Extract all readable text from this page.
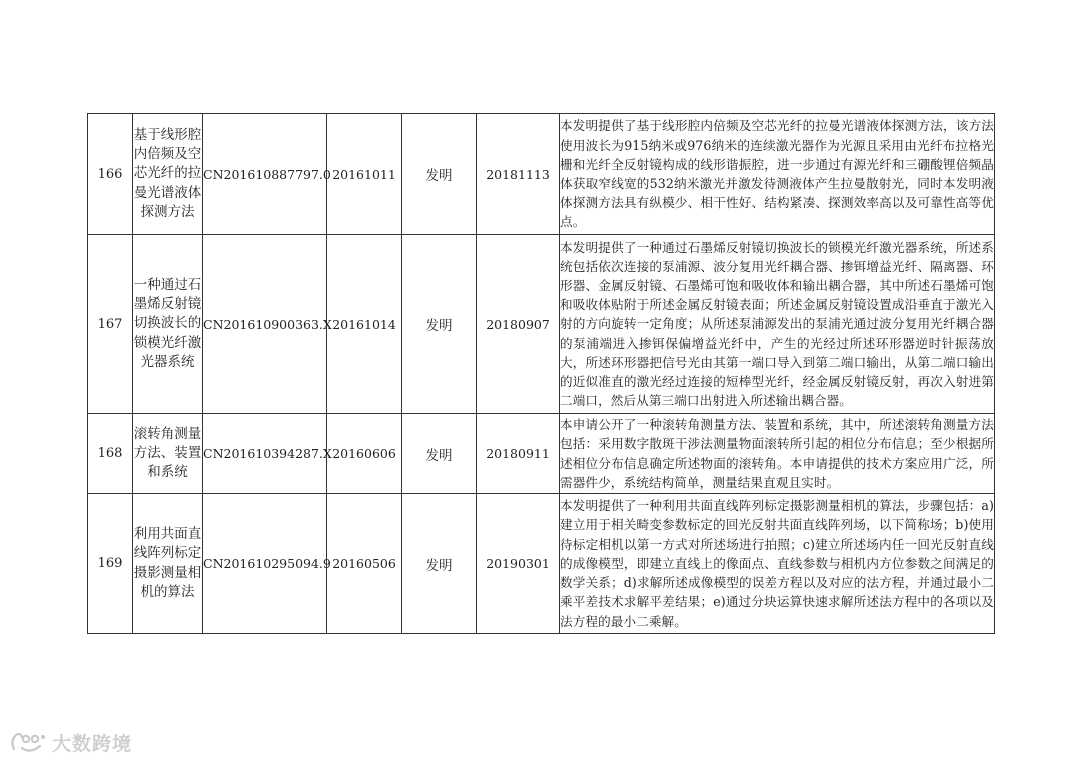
166	基于线形腔内倍频及空芯光纤的拉曼光谱液体探测方法	CN201610887797.0	20161011	发明	20181113	本发明提供了基于线形腔内倍频及空芯光纤的拉曼光谱液体探测方法，该方法使用波长为915纳米或976纳米的连续激光器作为光源且采用由光纤布拉格光栅和光纤全反射镜构成的线形谐振腔，进一步通过有源光纤和三硼酸锂倍频晶体获取窄线宽的532纳米激光并激发待测液体产生拉曼散射光，同时本发明液体探测方法具有纵模少、相干性好、结构紧凑、探测效率高以及可靠性高等优点。
167	一种通过石墨烯反射镜切换波长的锁模光纤激光器系统	CN201610900363.X	20161014	发明	20180907	本发明提供了一种通过石墨烯反射镜切换波长的锁模光纤激光器系统，所述系统包括依次连接的泵浦源、波分复用光纤耦合器、掺铒增益光纤、隔离器、环形器、金属反射镜、石墨烯可饱和吸收体和输出耦合器，其中所述石墨烯可饱和吸收体贴附于所述金属反射镜表面；所述金属反射镜设置成沿垂直于激光入射的方向旋转一定角度；从所述泵浦源发出的泵浦光通过波分复用光纤耦合器的泵浦端进入掺铒保偏增益光纤中，产生的光经过所述环形器逆时针振荡放大，所述环形器把信号光由其第一端口导入到第二端口输出，从第二端口输出的近似准直的激光经过连接的短棒型光纤，经金属反射镜反射，再次入射进第二端口，然后从第三端口出射进入所述输出耦合器。
168	滚转角测量方法、装置和系统	CN201610394287.X	20160606	发明	20180911	本申请公开了一种滚转角测量方法、装置和系统，其中，所述滚转角测量方法包括：采用数字散斑干涉法测量物面滚转所引起的相位分布信息；至少根据所述相位分布信息确定所述物面的滚转角。本申请提供的技术方案应用广泛，所需器件少，系统结构简单，测量结果直观且实时。
169	利用共面直线阵列标定摄影测量相机的算法	CN201610295094.9	20160506	发明	20190301	本发明提供了一种利用共面直线阵列标定摄影测量相机的算法，步骤包括：a)建立用于相关畸变参数标定的回光反射共面直线阵列场，以下简称场；b)使用待标定相机以第一方式对所述场进行拍照；c)建立所述场内任一回光反射直线的成像模型，即建立直线上的像面点、直线参数与相机内方位参数之间满足的数学关系；d)求解所述成像模型的误差方程以及对应的法方程，并通过最小二乘平差技术求解平差结果；e)通过分块运算快速求解所述法方程中的各项以及法方程的最小二乘解。
大数跨境
